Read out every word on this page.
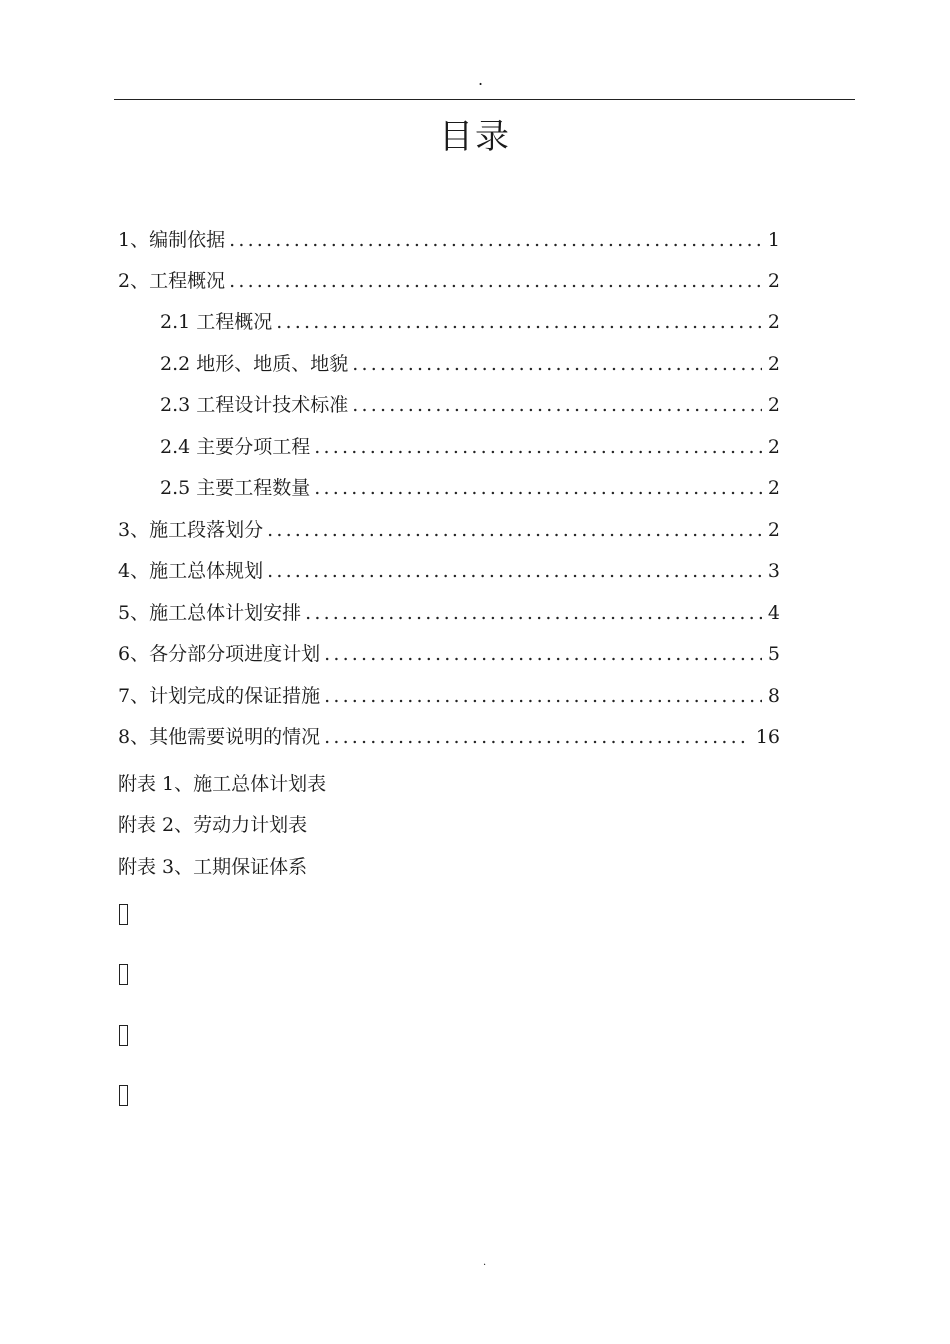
.
目录
1、编制依据 .....	1
2、工程概况 .....	2
2.1 工程概况 .....	2
2.2 地形、地质、地貌 .....	2
2.3 工程设计技术标准 .....	2
2.4 主要分项工程 .....	2
2.5 主要工程数量 .....	2
3、施工段落划分 .....	2
4、施工总体规划 .....	3
5、施工总体计划安排 .....	4
6、各分部分项进度计划 .....	5
7、计划完成的保证措施 .....	8
8、其他需要说明的情况 .....	16
附表 1、施工总体计划表
附表 2、劳动力计划表
附表 3、工期保证体系
.
